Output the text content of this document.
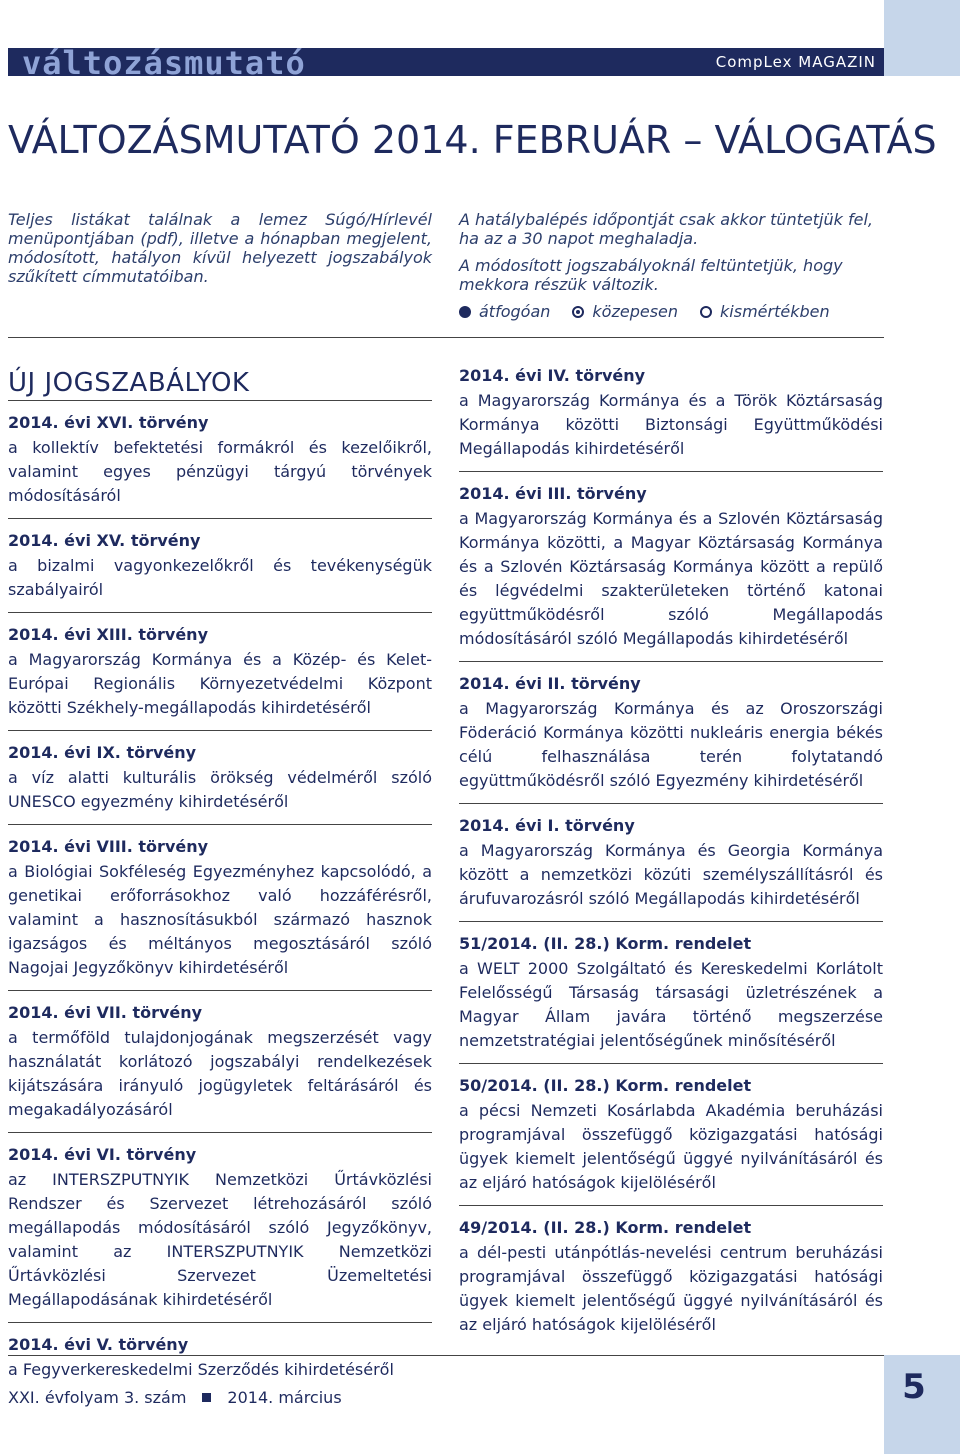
változásmutató	CompLex MAGAZIN
VÁLTOZÁSMUTATÓ 2014. FEBRUÁR – VÁLOGATÁS

Teljes listákat találnak a lemez Súgó/Hírlevél menüpontjában (pdf), illetve a hónapban megjelent, módosított, hatályon kívül helyezett jogszabályok szűkített címmutatóiban.

A hatálybalépés időpontját csak akkor tüntetjük fel, ha az a 30 napot meghaladja.

A módosított jogszabályoknál feltüntetjük, hogy mekkora részük változik.

átfogóan	közepesen	kismértékben
ÚJ JOGSZABÁLYOK
2014. évi XVI. törvény
a kollektív befektetési formákról és kezelőikről, valamint egyes pénzügyi tárgyú törvények módosításáról
2014. évi XV. törvény
a bizalmi vagyonkezelőkről és tevékenységük szabályairól
2014. évi XIII. törvény
a Magyarország Kormánya és a Közép- és Kelet-Európai Regionális Környezetvédelmi Központ közötti Székhely-megállapodás kihirdetéséről
2014. évi IX. törvény
a víz alatti kulturális örökség védelméről szóló UNESCO egyezmény kihirdetéséről
2014. évi VIII. törvény
a Biológiai Sokféleség Egyezményhez kapcsolódó, a genetikai erőforrásokhoz való hozzáférésről, valamint a hasznosításukból származó hasznok igazságos és méltányos megosztásáról szóló Nagojai Jegyzőkönyv kihirdetéséről
2014. évi VII. törvény
a termőföld tulajdonjogának megszerzését vagy használatát korlátozó jogszabályi rendelkezések kijátszására irányuló jogügyletek feltárásáról és megakadályozásáról
2014. évi VI. törvény
az INTERSZPUTNYIK Nemzetközi Űrtávközlési Rendszer és Szervezet létrehozásáról szóló megállapodás módosításáról szóló Jegyzőkönyv, valamint az INTERSZPUTNYIK Nemzetközi Űrtávközlési Szervezet Üzemeltetési Megállapodásának kihirdetéséről
2014. évi V. törvény
a Fegyverkereskedelmi Szerződés kihirdetéséről
2014. évi IV. törvény
a Magyarország Kormánya és a Török Köztársaság Kormánya közötti Biztonsági Együttműködési Megállapodás kihirdetéséről
2014. évi III. törvény
a Magyarország Kormánya és a Szlovén Köztársaság Kormánya közötti, a Magyar Köztársaság Kormánya és a Szlovén Köztársaság Kormánya között a repülő és légvédelmi szakterületeken történő katonai együttműködésről szóló Megállapodás módosításáról szóló Megállapodás kihirdetéséről
2014. évi II. törvény
a Magyarország Kormánya és az Oroszországi Föderáció Kormánya közötti nukleáris energia békés célú felhasználása terén folytatandó együttműködésről szóló Egyezmény kihirdetéséről
2014. évi I. törvény
a Magyarország Kormánya és Georgia Kormánya között a nemzetközi közúti személyszállításról és árufuvarozásról szóló Megállapodás kihirdetéséről
51/2014. (II. 28.) Korm. rendelet
a WELT 2000 Szolgáltató és Kereskedelmi Korlátolt Felelősségű Társaság társasági üzletrészének a Magyar Állam javára történő megszerzése nemzetstratégiai jelentőségűnek minősítéséről
50/2014. (II. 28.) Korm. rendelet
a pécsi Nemzeti Kosárlabda Akadémia beruházási programjával összefüggő közigazgatási hatósági ügyek kiemelt jelentőségű üggyé nyilvánításáról és az eljáró hatóságok kijelöléséről
49/2014. (II. 28.) Korm. rendelet
a dél-pesti utánpótlás-nevelési centrum beruházási programjával összefüggő közigazgatási hatósági ügyek kiemelt jelentőségű üggyé nyilvánításáról és az eljáró hatóságok kijelöléséről
XXI. évfolyam 3. szám	2014. március	5
